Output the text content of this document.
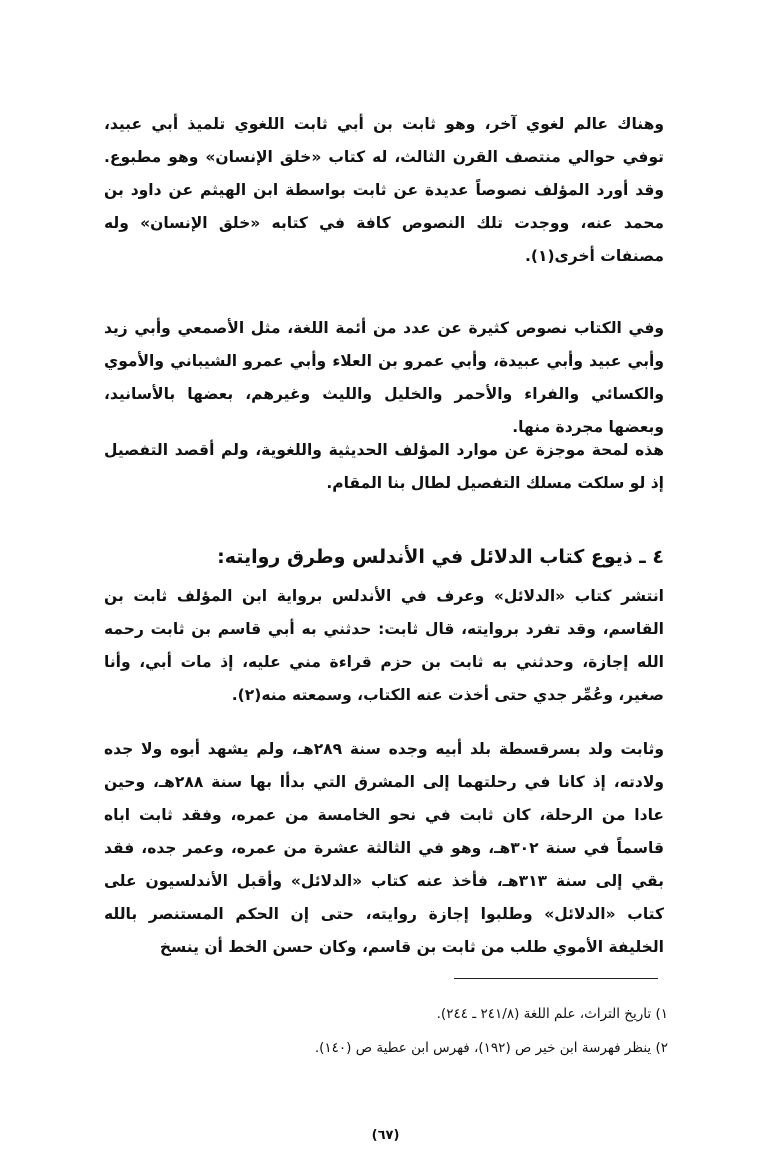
وهناك عالم لغوي آخر، وهو ثابت بن أبي ثابت اللغوي تلميذ أبي عبيد، توفي حوالي منتصف القرن الثالث، له كتاب «خلق الإنسان» وهو مطبوع. وقد أورد المؤلف نصوصاً عديدة عن ثابت بواسطة ابن الهيثم عن داود بن محمد عنه، ووجدت تلك النصوص كافة في كتابه «خلق الإنسان» وله مصنفات أخرى(١).

وفي الكتاب نصوص كثيرة عن عدد من أئمة اللغة، مثل الأصمعي وأبي زيد وأبي عبيد وأبي عبيدة، وأبي عمرو بن العلاء وأبي عمرو الشيباني والأموي والكسائي والفراء والأحمر والخليل والليث وغيرهم، بعضها بالأسانيد، وبعضها مجردة منها.

هذه لمحة موجزة عن موارد المؤلف الحديثية واللغوية، ولم أقصد التفصيل إذ لو سلكت مسلك التفصيل لطال بنا المقام.

٤ ـ ذيوع كتاب الدلائل في الأندلس وطرق روايته:

انتشر كتاب «الدلائل» وعرف في الأندلس برواية ابن المؤلف ثابت بن القاسم، وقد تفرد بروايته، قال ثابت: حدثني به أبي قاسم بن ثابت رحمه الله إجازة، وحدثني به ثابت بن حزم قراءة مني عليه، إذ مات أبي، وأنا صغير، وعُمِّر جدي حتى أخذت عنه الكتاب، وسمعته منه(٢).

وثابت ولد بسرقسطة بلد أبيه وجده سنة ٢٨٩هـ، ولم يشهد أبوه ولا جده ولادته، إذ كانا في رحلتهما إلى المشرق التي بدأا بها سنة ٢٨٨هـ، وحين عادا من الرحلة، كان ثابت في نحو الخامسة من عمره، وفقد ثابت اباه قاسماً في سنة ٣٠٢هـ، وهو في الثالثة عشرة من عمره، وعمر جده، فقد بقي إلى سنة ٣١٣هـ، فأخذ عنه كتاب «الدلائل» وأقبل الأندلسيون على كتاب «الدلائل» وطلبوا إجازة روايته، حتى إن الحكم المستنصر بالله الخليفة الأموي طلب من ثابت بن قاسم، وكان حسن الخط أن ينسخ

١) تاريخ التراث، علم اللغة (٢٤١/٨ ـ ٢٤٤).

٢) ينظر فهرسة ابن خير ص (١٩٢)، فهرس ابن عطية ص (١٤٠).

(٦٧)
